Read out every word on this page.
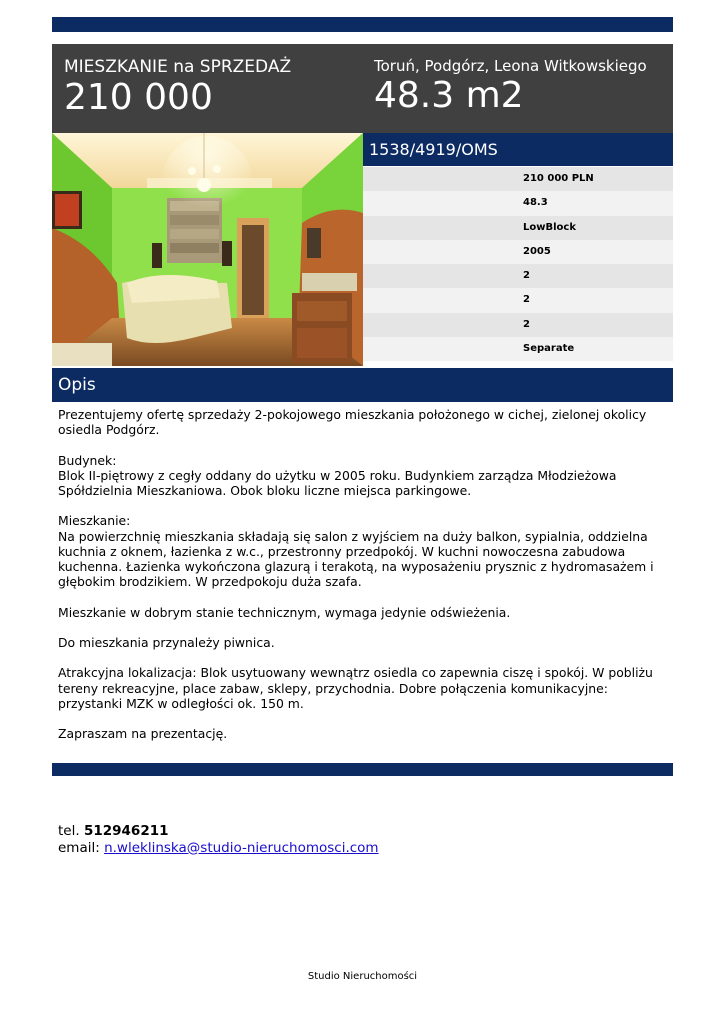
MIESZKANIE na SPRZEDAŻ
210 000
Toruń, Podgórz, Leona Witkowskiego
48.3 m2
1538/4919/OMS
210 000 PLN
48.3
LowBlock
2005
2
2
2
Separate
Opis

Prezentujemy ofertę sprzedaży 2-pokojowego mieszkania położonego w cichej, zielonej okolicy osiedla Podgórz.

Budynek:
Blok II-piętrowy z cegły oddany do użytku w 2005 roku. Budynkiem zarządza Młodzieżowa Spółdzielnia Mieszkaniowa. Obok bloku liczne miejsca parkingowe.

Mieszkanie:
Na powierzchnię mieszkania składają się salon z wyjściem na duży balkon, sypialnia, oddzielna kuchnia z oknem, łazienka z w.c., przestronny przedpokój. W kuchni nowoczesna zabudowa kuchenna. Łazienka wykończona glazurą i terakotą, na wyposażeniu prysznic z hydromasażem i głębokim brodzikiem. W przedpokoju duża szafa.

Mieszkanie w dobrym stanie technicznym, wymaga jedynie odświeżenia.

Do mieszkania przynależy piwnica.

Atrakcyjna lokalizacja: Blok usytuowany wewnątrz osiedla co zapewnia ciszę i spokój. W pobliżu tereny rekreacyjne, place zabaw, sklepy, przychodnia. Dobre połączenia komunikacyjne: przystanki MZK w odległości ok. 150 m.

Zapraszam na prezentację.

tel. 512946211
email: n.wleklinska@studio-nieruchomosci.com
Studio Nieruchomości
